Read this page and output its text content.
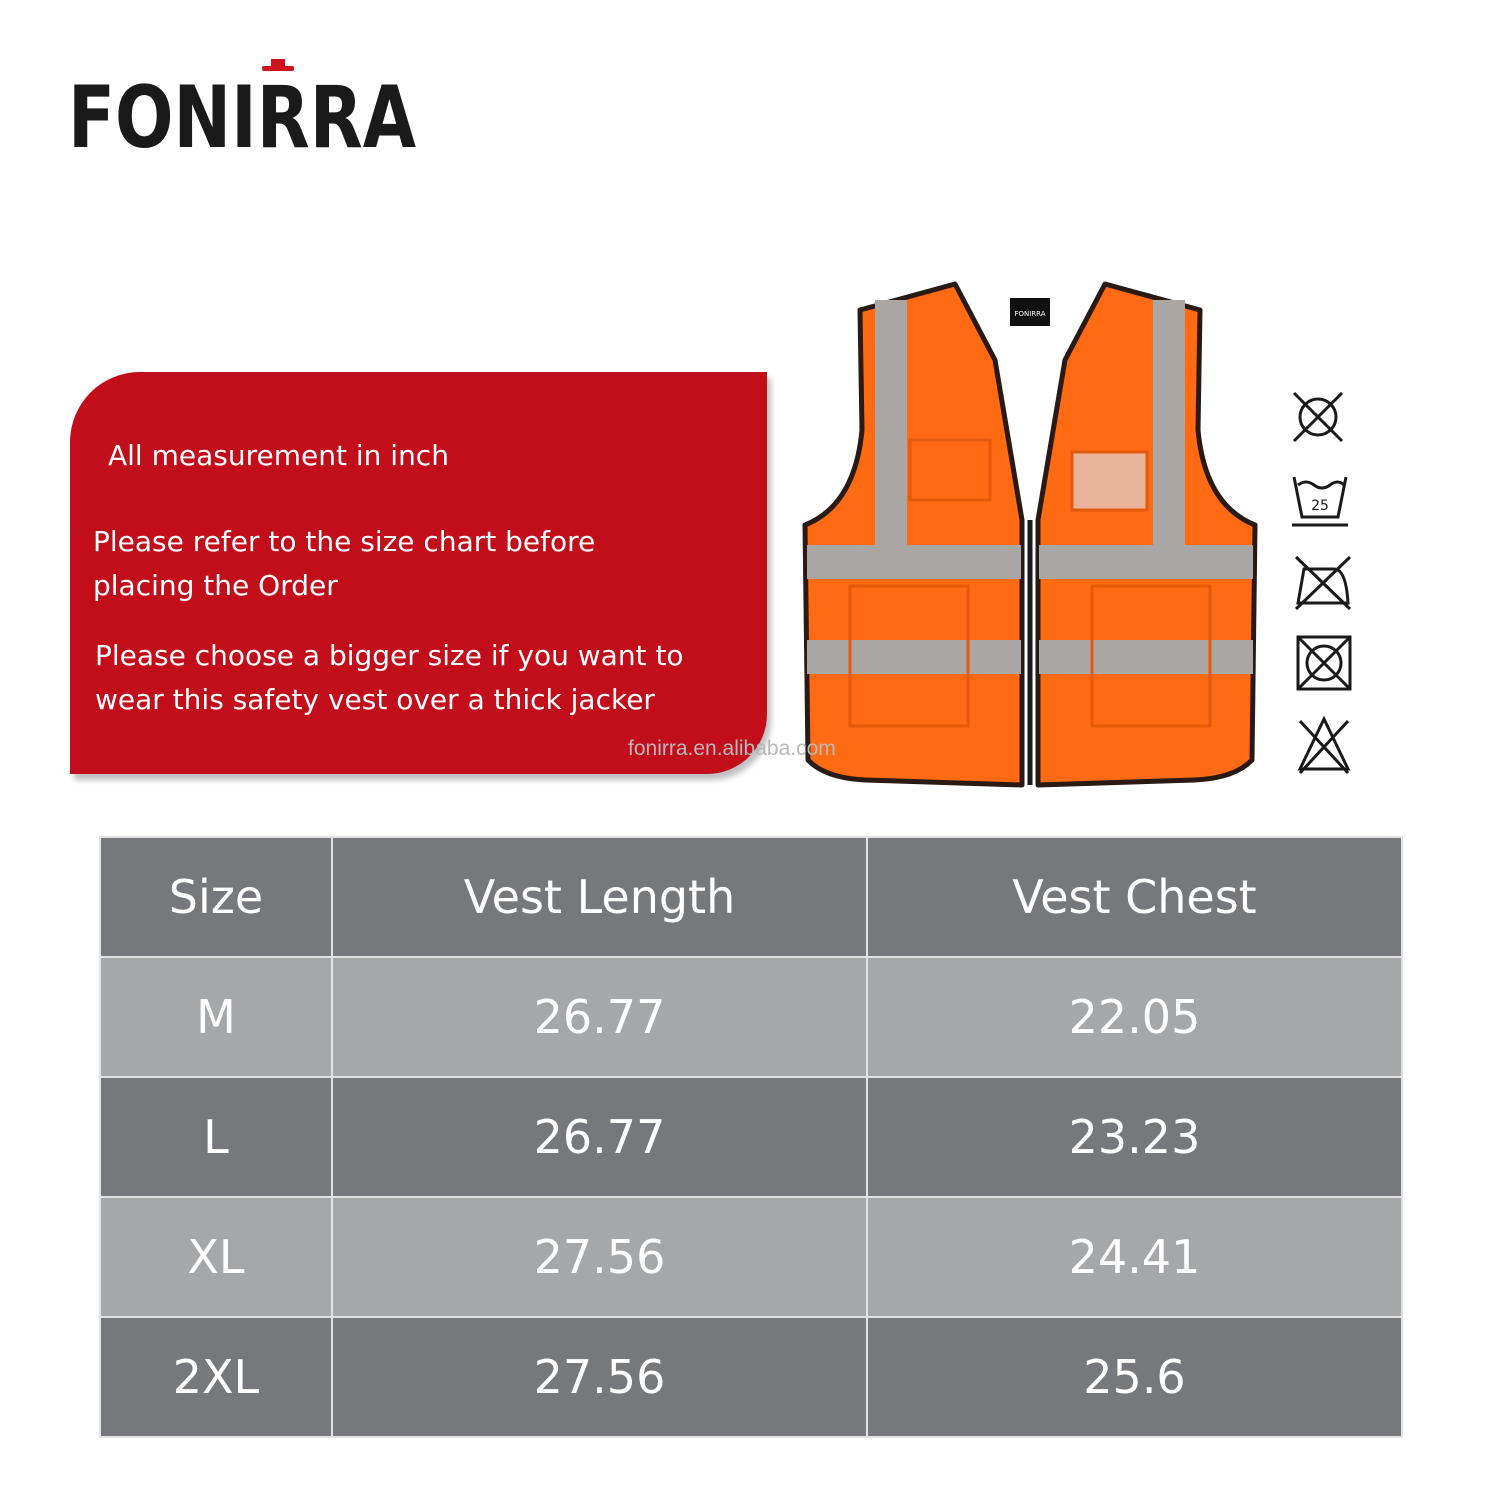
FONIRRA
All measurement in inch
Please refer to the size chart before
placing the Order
Please choose a bigger size if you want to
wear this safety vest over a thick jacker
FONIRRA
25
fonirra.en.alibaba.com
Size	Vest Length	Vest Chest
M	26.77	22.05
L	26.77	23.23
XL	27.56	24.41
2XL	27.56	25.6
